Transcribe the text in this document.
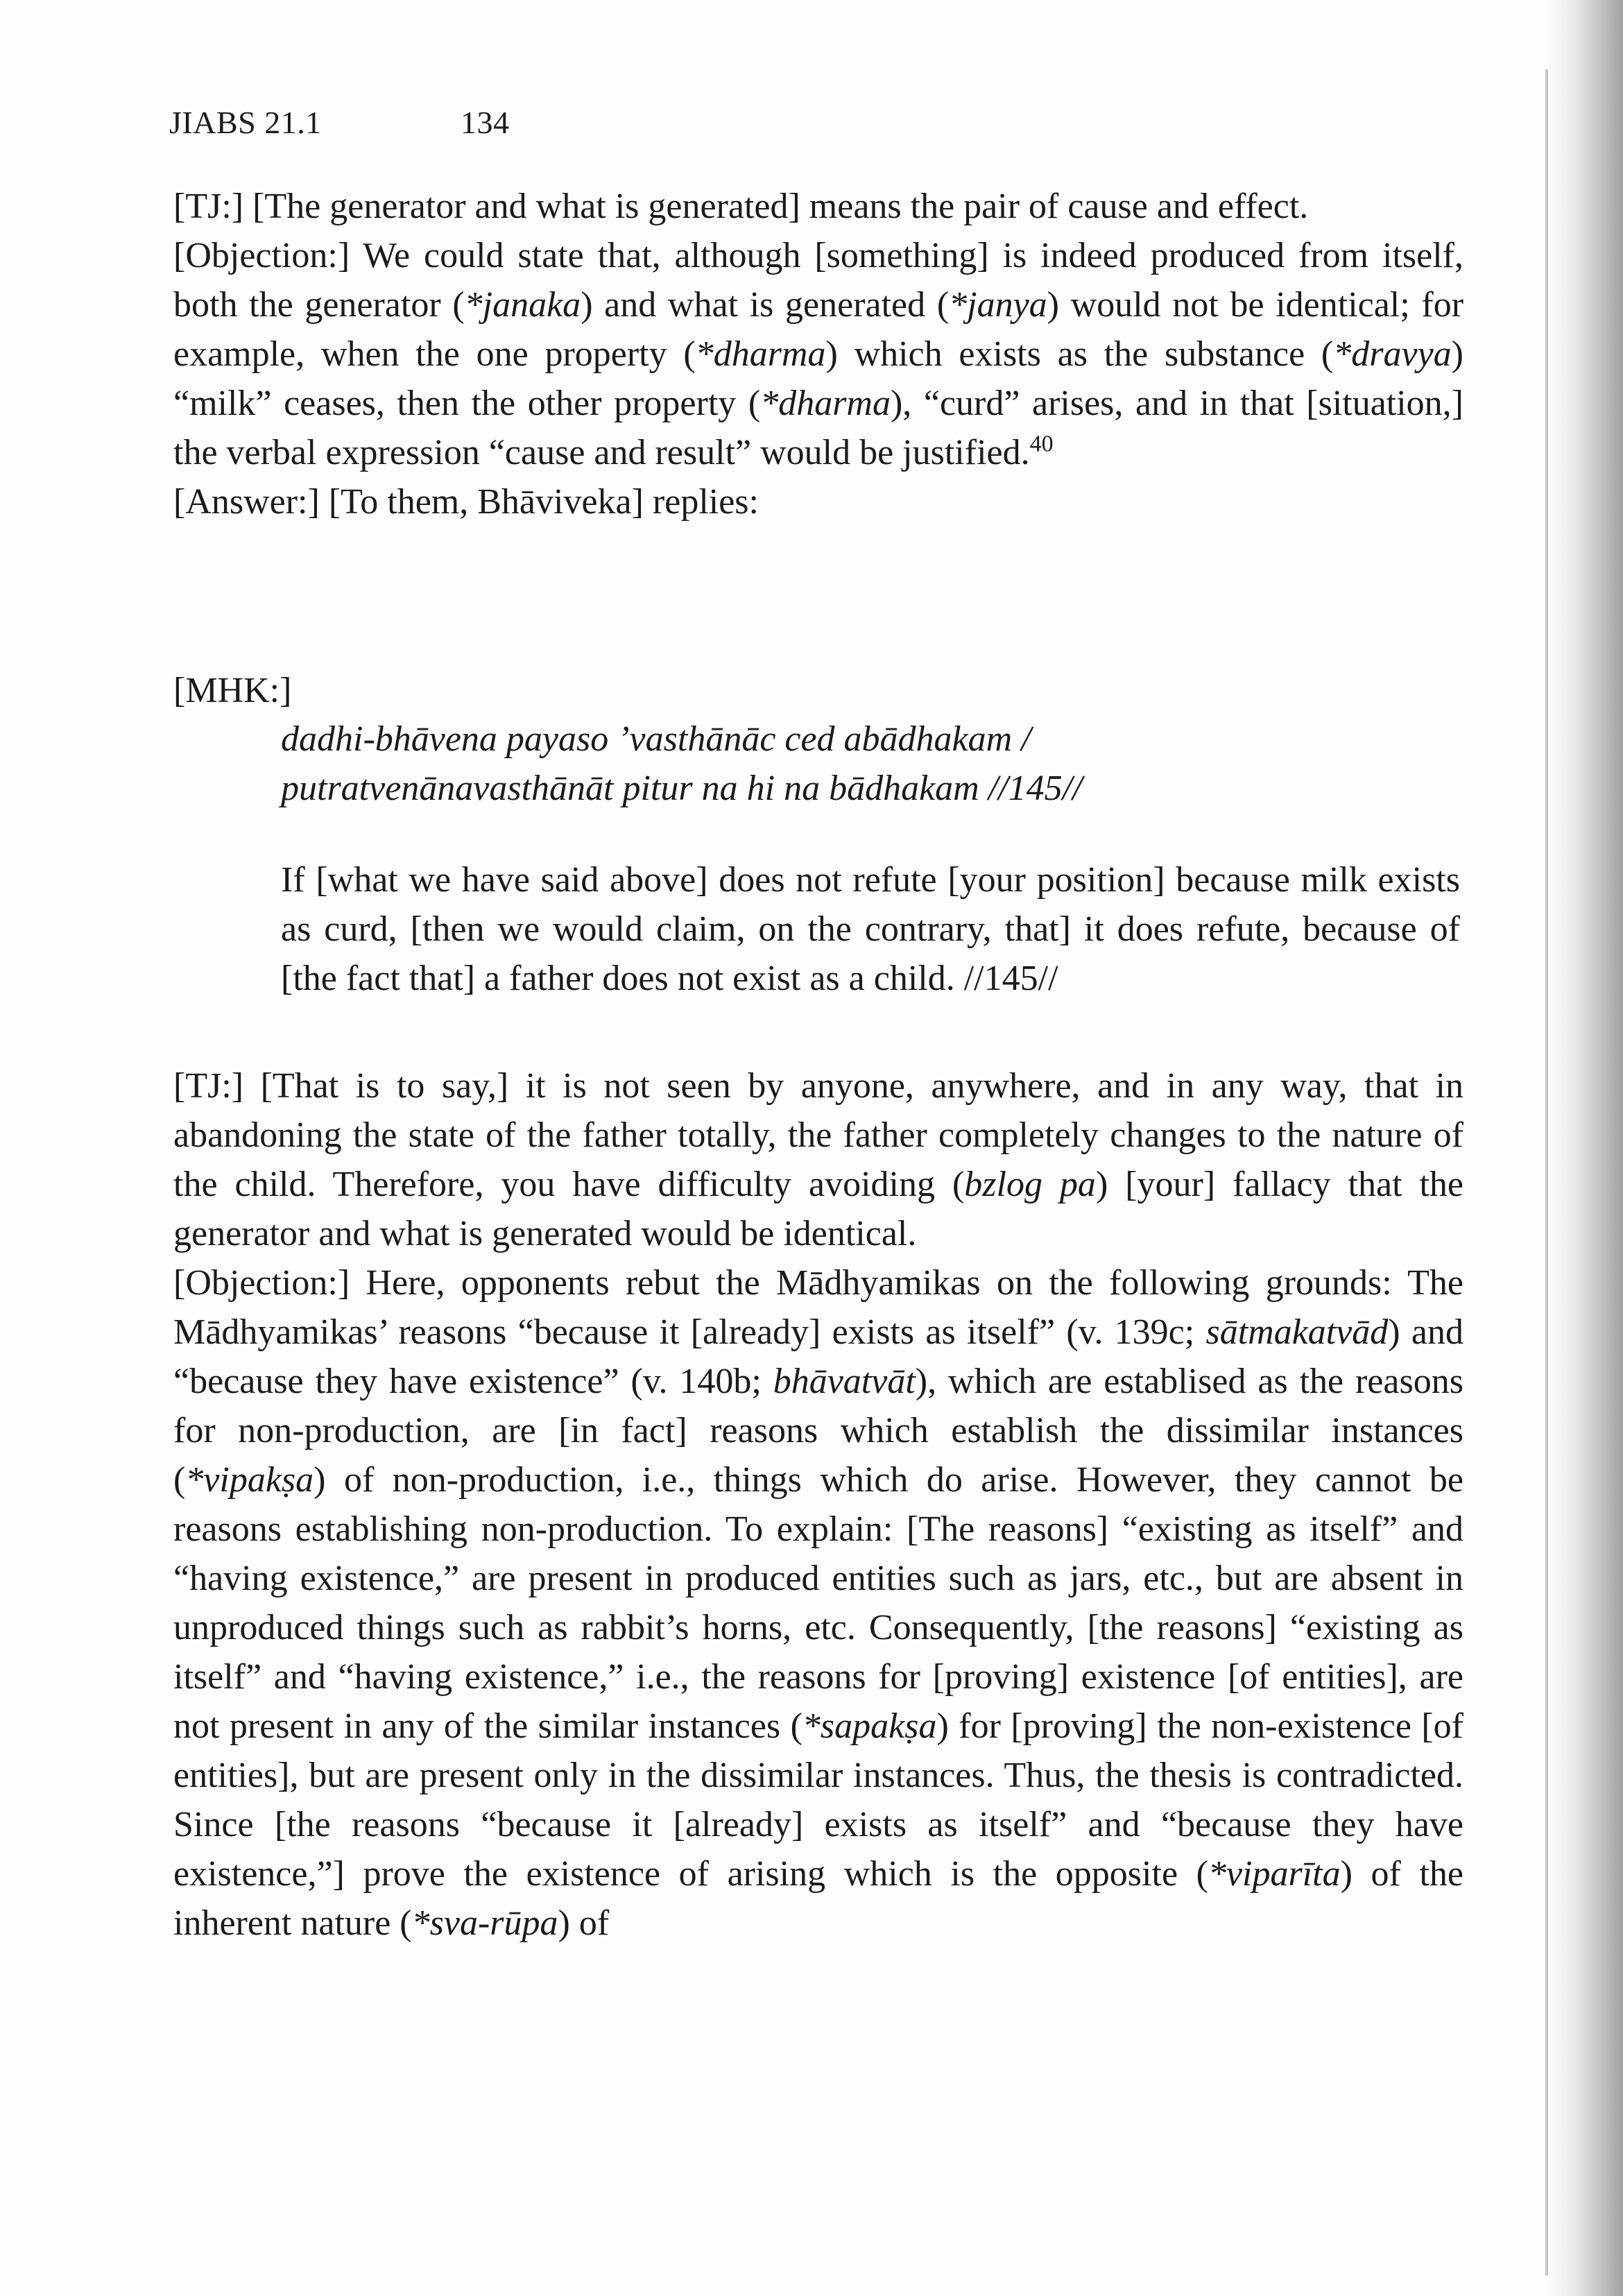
JIABS 21.1	134

[TJ:] [The generator and what is generated] means the pair of cause and effect.

[Objection:] We could state that, although [something] is indeed produced from itself, both the generator (*janaka) and what is generated (*janya) would not be identical; for example, when the one property (*dharma) which exists as the substance (*dravya) “milk” ceases, then the other property (*dharma), “curd” arises, and in that [situation,] the verbal expression “cause and result” would be justified.$^{40}$

[Answer:] [To them, Bhāviveka] replies:

[MHK:]

dadhi-bhāvena payaso ’vasthānāc ced abādhakam /

putratvenānavasthānāt pitur na hi na bādhakam //145//

If [what we have said above] does not refute [your position] because milk exists as curd, [then we would claim, on the contrary, that] it does refute, because of [the fact that] a father does not exist as a child. //145//

[TJ:] [That is to say,] it is not seen by anyone, anywhere, and in any way, that in abandoning the state of the father totally, the father completely changes to the nature of the child. Therefore, you have difficulty avoiding (bzlog pa) [your] fallacy that the generator and what is generated would be identical.

[Objection:] Here, opponents rebut the Mādhyamikas on the following grounds: The Mādhyamikas’ reasons “because it [already] exists as itself” (v. 139c; sātmakatvād) and “because they have existence” (v. 140b; bhāvatvāt), which are establised as the reasons for non-production, are [in fact] reasons which establish the dissimilar instances (*vipakṣa) of non-production, i.e., things which do arise. However, they cannot be reasons establishing non-production. To explain: [The reasons] “existing as itself” and “having existence,” are present in produced entities such as jars, etc., but are absent in unproduced things such as rabbit’s horns, etc. Consequently, [the reasons] “existing as itself” and “having existence,” i.e., the reasons for [proving] existence [of entities], are not present in any of the similar instances (*sapakṣa) for [proving] the non-existence [of entities], but are present only in the dissimilar instances. Thus, the thesis is contradicted. Since [the reasons “because it [already] exists as itself” and “because they have existence,”] prove the existence of arising which is the opposite (*viparīta) of the inherent nature (*sva-rūpa) of
